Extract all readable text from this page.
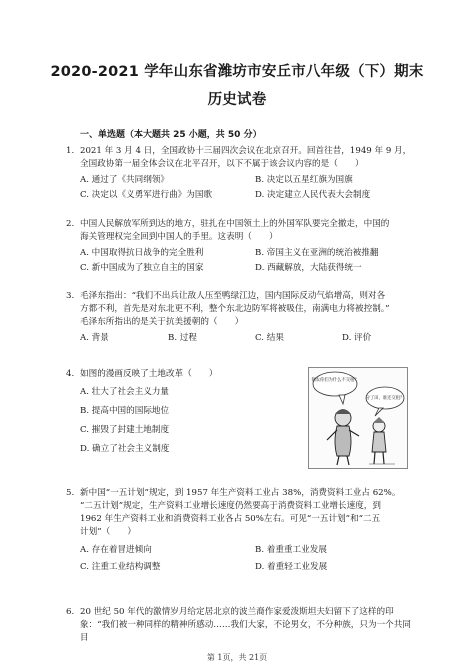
2020-2021 学年山东省潍坊市安丘市八年级（下）期末
历史试卷
一、单选题（本大题共 25 小题，共 50 分）
1. 2021 年 3 月 4 日，全国政协十三届四次会议在北京召开。回首往昔，1949 年 9 月，

全国政协第一届全体会议在北平召开，以下不属于该会议内容的是（　　）

A. 通过了《共同纲领》	B. 决定以五星红旗为国旗
C. 决定以《义勇军进行曲》为国歌	D. 决定建立人民代表大会制度
2. 中国人民解放军所到达的地方，驻扎在中国领土上的外国军队要完全撤走，中国的

海关管理权完全回到中国人的手里。这表明（　　）

A. 中国取得抗日战争的完全胜利	B. 帝国主义在亚洲的统治被推翻
C. 新中国成为了独立自主的国家	D. 西藏解放，大陆获得统一
3. 毛泽东指出：“我们不出兵让敌人压至鸭绿江边，国内国际反动气焰增高，则对各

方都不利，首先是对东北更不利，整个东北边防军将被吸住，南满电力将被控制。”

毛泽东所指出的是关于抗美援朝的（　　）

A. 背景	B. 过程	C. 结果	D. 评价
4. 如图的漫画反映了土地改革（　　）

A. 壮大了社会主义力量
B. 提高中国的国际地位
C. 摧毁了封建土地制度
D. 确立了社会主义制度
佃农你们为什么不交租？
分了田，谁还交租？
5. 新中国“一五计划”规定，到 1957 年生产资料工业占 38%，消费资料工业占 62%。

“二五计划”规定，生产资料工业增长速度仍然要高于消费资料工业增长速度，到

1962 年生产资料工业和消费资料工业各占 50%左右。可见“一五计划”和“二五

计划”（　　）

A. 存在着冒进倾向	B. 着重重工业发展
C. 注重工业结构调整	D. 着重轻工业发展
6. 20 世纪 50 年代的激情岁月给定居北京的波兰裔作家爱泼斯坦夫妇留下了这样的印

象：“我们被一种同样的精神所感动……我们大家，不论男女，不分种族，只为一个共同目

第 1页，共 21页
